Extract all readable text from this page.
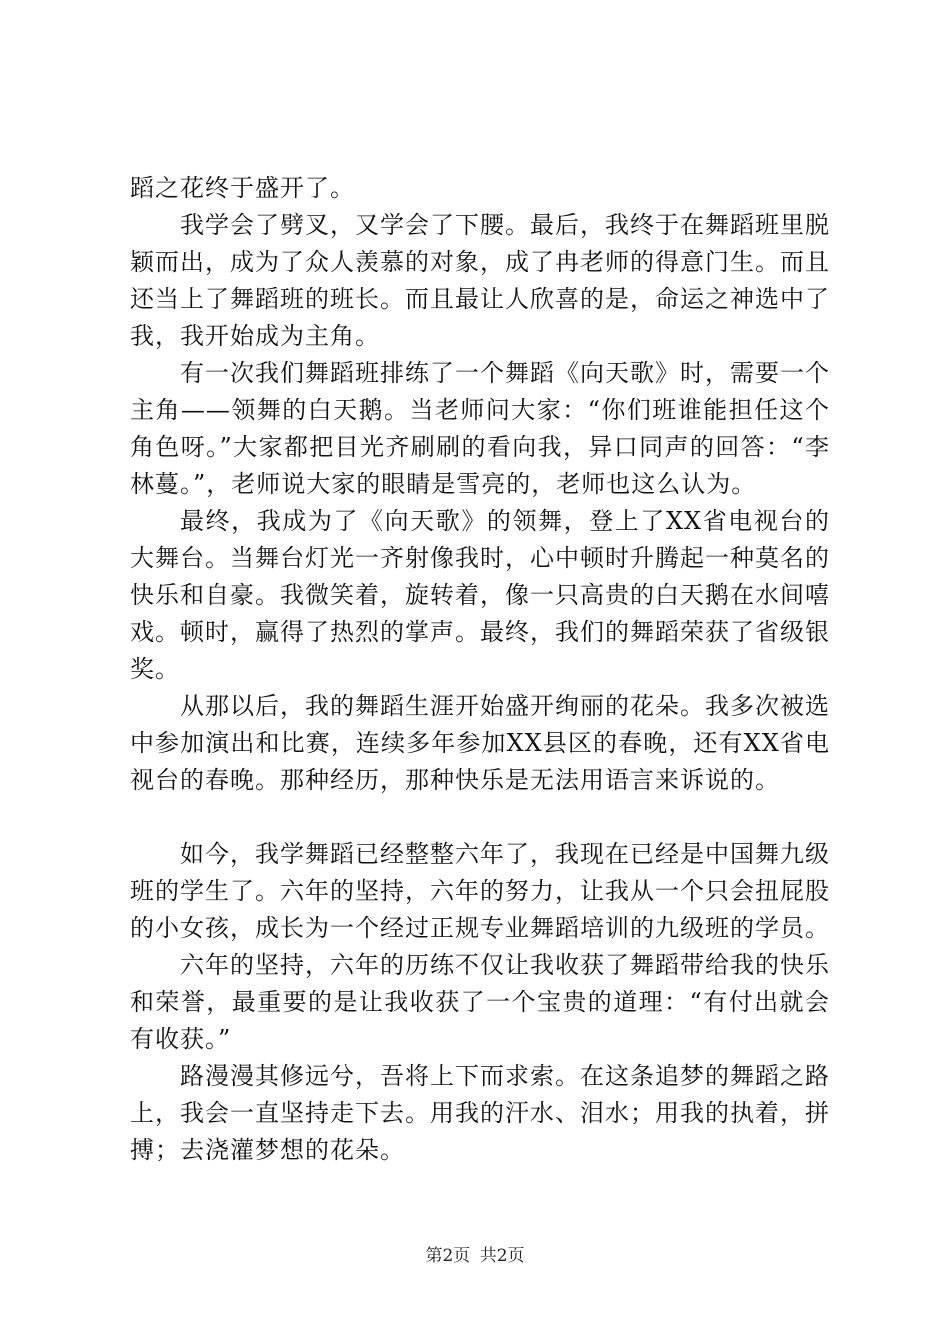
蹈之花终于盛开了。

我学会了劈叉，又学会了下腰。最后，我终于在舞蹈班里脱颖而出，成为了众人羡慕的对象，成了冉老师的得意门生。而且还当上了舞蹈班的班长。而且最让人欣喜的是，命运之神选中了我，我开始成为主角。

有一次我们舞蹈班排练了一个舞蹈《向天歌》时，需要一个主角——领舞的白天鹅。当老师问大家：“你们班谁能担任这个角色呀。”大家都把目光齐刷刷的看向我，异口同声的回答：“李林蔓。”，老师说大家的眼睛是雪亮的，老师也这么认为。

最终，我成为了《向天歌》的领舞，登上了XX省电视台的大舞台。当舞台灯光一齐射像我时，心中顿时升腾起一种莫名的快乐和自豪。我微笑着，旋转着，像一只高贵的白天鹅在水间嘻戏。顿时，赢得了热烈的掌声。最终，我们的舞蹈荣获了省级银奖。

从那以后，我的舞蹈生涯开始盛开绚丽的花朵。我多次被选中参加演出和比赛，连续多年参加XX县区的春晚，还有XX省电视台的春晚。那种经历，那种快乐是无法用语言来诉说的。

如今，我学舞蹈已经整整六年了，我现在已经是中国舞九级班的学生了。六年的坚持，六年的努力，让我从一个只会扭屁股的小女孩，成长为一个经过正规专业舞蹈培训的九级班的学员。

六年的坚持，六年的历练不仅让我收获了舞蹈带给我的快乐和荣誉，最重要的是让我收获了一个宝贵的道理：“有付出就会有收获。”

路漫漫其修远兮，吾将上下而求索。在这条追梦的舞蹈之路上，我会一直坚持走下去。用我的汗水、泪水；用我的执着，拼搏；去浇灌梦想的花朵。

第2页 共2页
